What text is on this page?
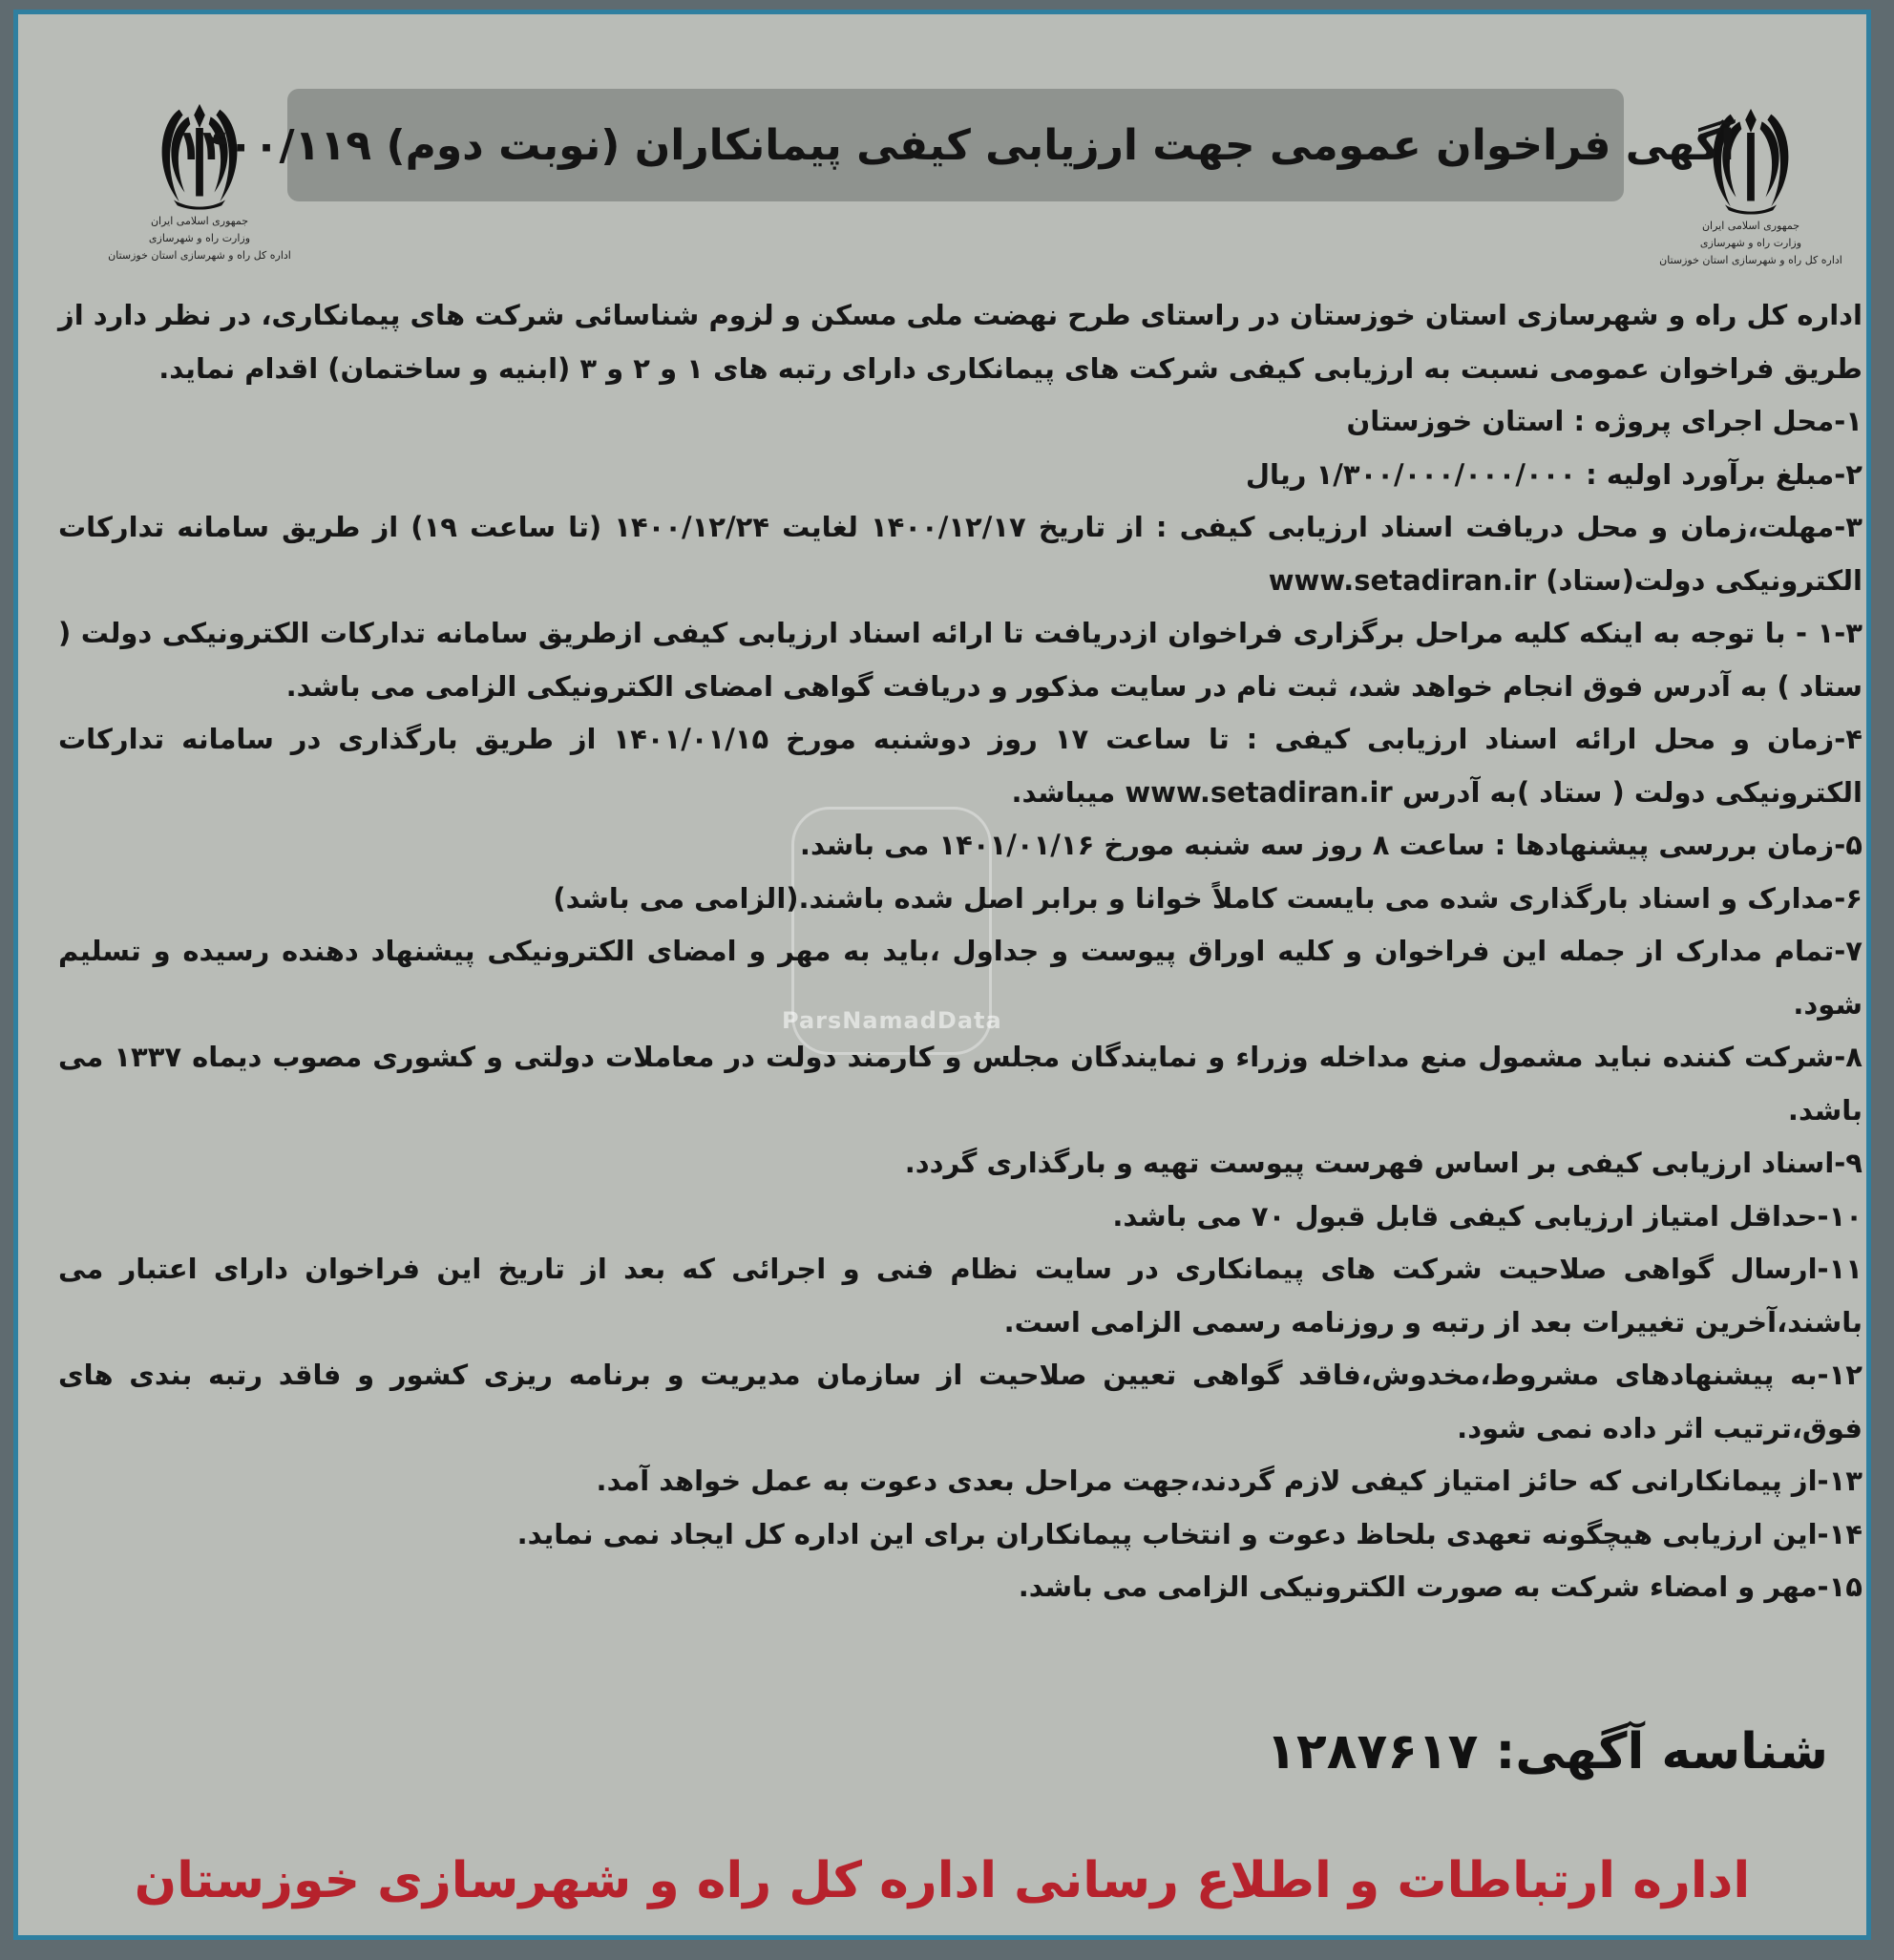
ParsNamadData
جمهوری اسلامی ایران
وزارت راه و شهرسازی
اداره کل راه و شهرسازی استان خوزستان
جمهوری اسلامی ایران
وزارت راه و شهرسازی
اداره کل راه و شهرسازی استان خوزستان
آگهی فراخوان عمومی جهت ارزیابی کیفی پیمانکاران (نوبت دوم) ۱۴۰۰/۱۱۹

اداره کل راه و شهرسازی استان خوزستان در راستای طرح نهضت ملی مسکن و لزوم شناسائی شرکت های پیمانکاری، در نظر دارد از طریق فراخوان عمومی نسبت به ارزیابی کیفی شرکت های پیمانکاری دارای رتبه های ۱ و ۲ و ۳ (ابنیه و ساختمان) اقدام نماید.

۱-محل اجرای پروژه : استان خوزستان

۲-مبلغ برآورد اولیه : ۱/۳۰۰/۰۰۰/۰۰۰/۰۰۰ ریال

۳-مهلت،زمان و محل دریافت اسناد ارزیابی کیفی : از تاریخ ۱۴۰۰/۱۲/۱۷ لغایت ۱۴۰۰/۱۲/۲۴ (تا ساعت ۱۹) از طریق سامانه تدارکات الکترونیکی دولت(ستاد) www.setadiran.ir

۱-۳ - با توجه به اینکه کلیه مراحل برگزاری فراخوان ازدریافت تا ارائه اسناد ارزیابی کیفی ازطریق سامانه تدارکات الکترونیکی دولت ( ستاد ) به آدرس فوق انجام خواهد شد، ثبت نام در سایت مذکور و دریافت گواهی امضای الکترونیکی الزامی می باشد.

۴-زمان و محل ارائه اسناد ارزیابی کیفی : تا ساعت ۱۷ روز دوشنبه مورخ ۱۴۰۱/۰۱/۱۵ از طریق بارگذاری در سامانه تدارکات الکترونیکی دولت ( ستاد )به آدرس www.setadiran.ir میباشد.

۵-زمان بررسی پیشنهادها : ساعت ۸ روز سه شنبه مورخ ۱۴۰۱/۰۱/۱۶ می باشد.

۶-مدارک و اسناد بارگذاری شده می بایست کاملاً خوانا و برابر اصل شده باشند.(الزامی می باشد)

۷-تمام مدارک از جمله این فراخوان و کلیه اوراق پیوست و جداول ،باید به مهر و امضای الکترونیکی پیشنهاد دهنده رسیده و تسلیم شود.

۸-شرکت کننده نباید مشمول منع مداخله وزراء و نمایندگان مجلس و کارمند دولت در معاملات دولتی و کشوری مصوب دیماه ۱۳۳۷ می باشد.

۹-اسناد ارزیابی کیفی بر اساس فهرست پیوست تهیه و بارگذاری گردد.

۱۰-حداقل امتیاز ارزیابی کیفی قابل قبول ۷۰ می باشد.

۱۱-ارسال گواهی صلاحیت شرکت های پیمانکاری در سایت نظام فنی و اجرائی که بعد از تاریخ این فراخوان دارای اعتبار می باشند،آخرین تغییرات بعد از رتبه و روزنامه رسمی الزامی است.

۱۲-به پیشنهادهای مشروط،مخدوش،فاقد گواهی تعیین صلاحیت از سازمان مدیریت و برنامه ریزی کشور و فاقد رتبه بندی های فوق،ترتیب اثر داده نمی شود.

۱۳-از پیمانکارانی که حائز امتیاز کیفی لازم گردند،جهت مراحل بعدی دعوت به عمل خواهد آمد.

۱۴-این ارزیابی هیچگونه تعهدی بلحاظ دعوت و انتخاب پیمانکاران برای این اداره کل ایجاد نمی نماید.

۱۵-مهر و امضاء شرکت به صورت الکترونیکی الزامی می باشد.

شناسه آگهی: ۱۲۸۷۶۱۷
اداره ارتباطات و اطلاع رسانی اداره کل راه و شهرسازی خوزستان
